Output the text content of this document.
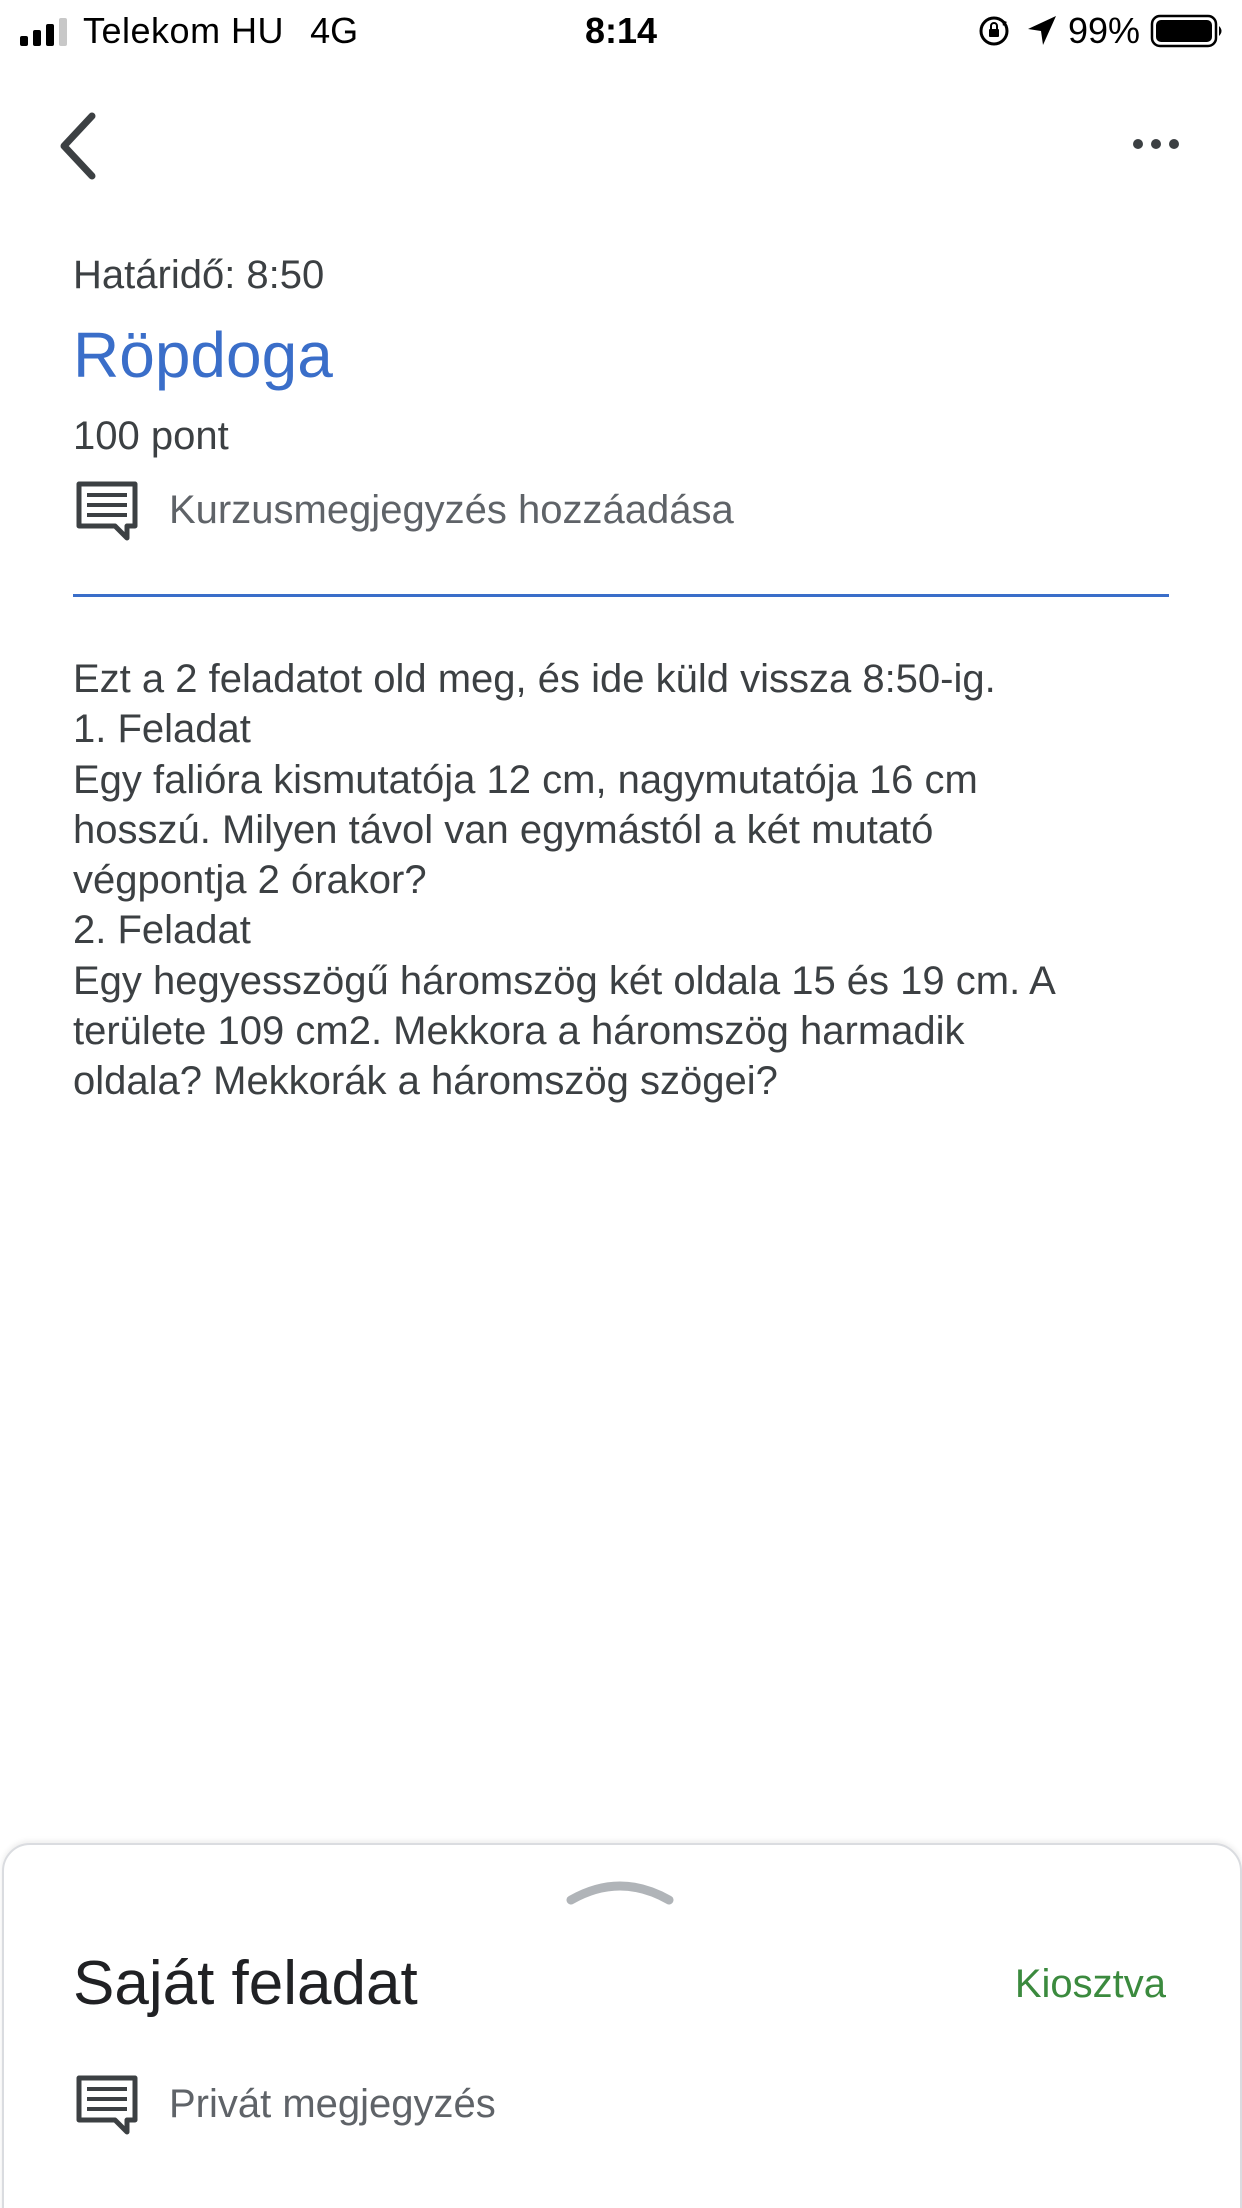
Telekom HU 4G	8:14	99%
Határidő: 8:50
Röpdoga
100 pont
Kurzusmegjegyzés hozzáadása
Ezt a 2 feladatot old meg, és ide küld vissza 8:50-ig.
1. Feladat
Egy falióra kismutatója 12 cm, nagymutatója 16 cm
hosszú. Milyen távol van egymástól a két mutató
végpontja 2 órakor?
2. Feladat
Egy hegyesszögű háromszög két oldala 15 és 19 cm. A
területe 109 cm2. Mekkora a háromszög harmadik
oldala? Mekkorák a háromszög szögei?
Saját feladat	Kiosztva
Privát megjegyzés
